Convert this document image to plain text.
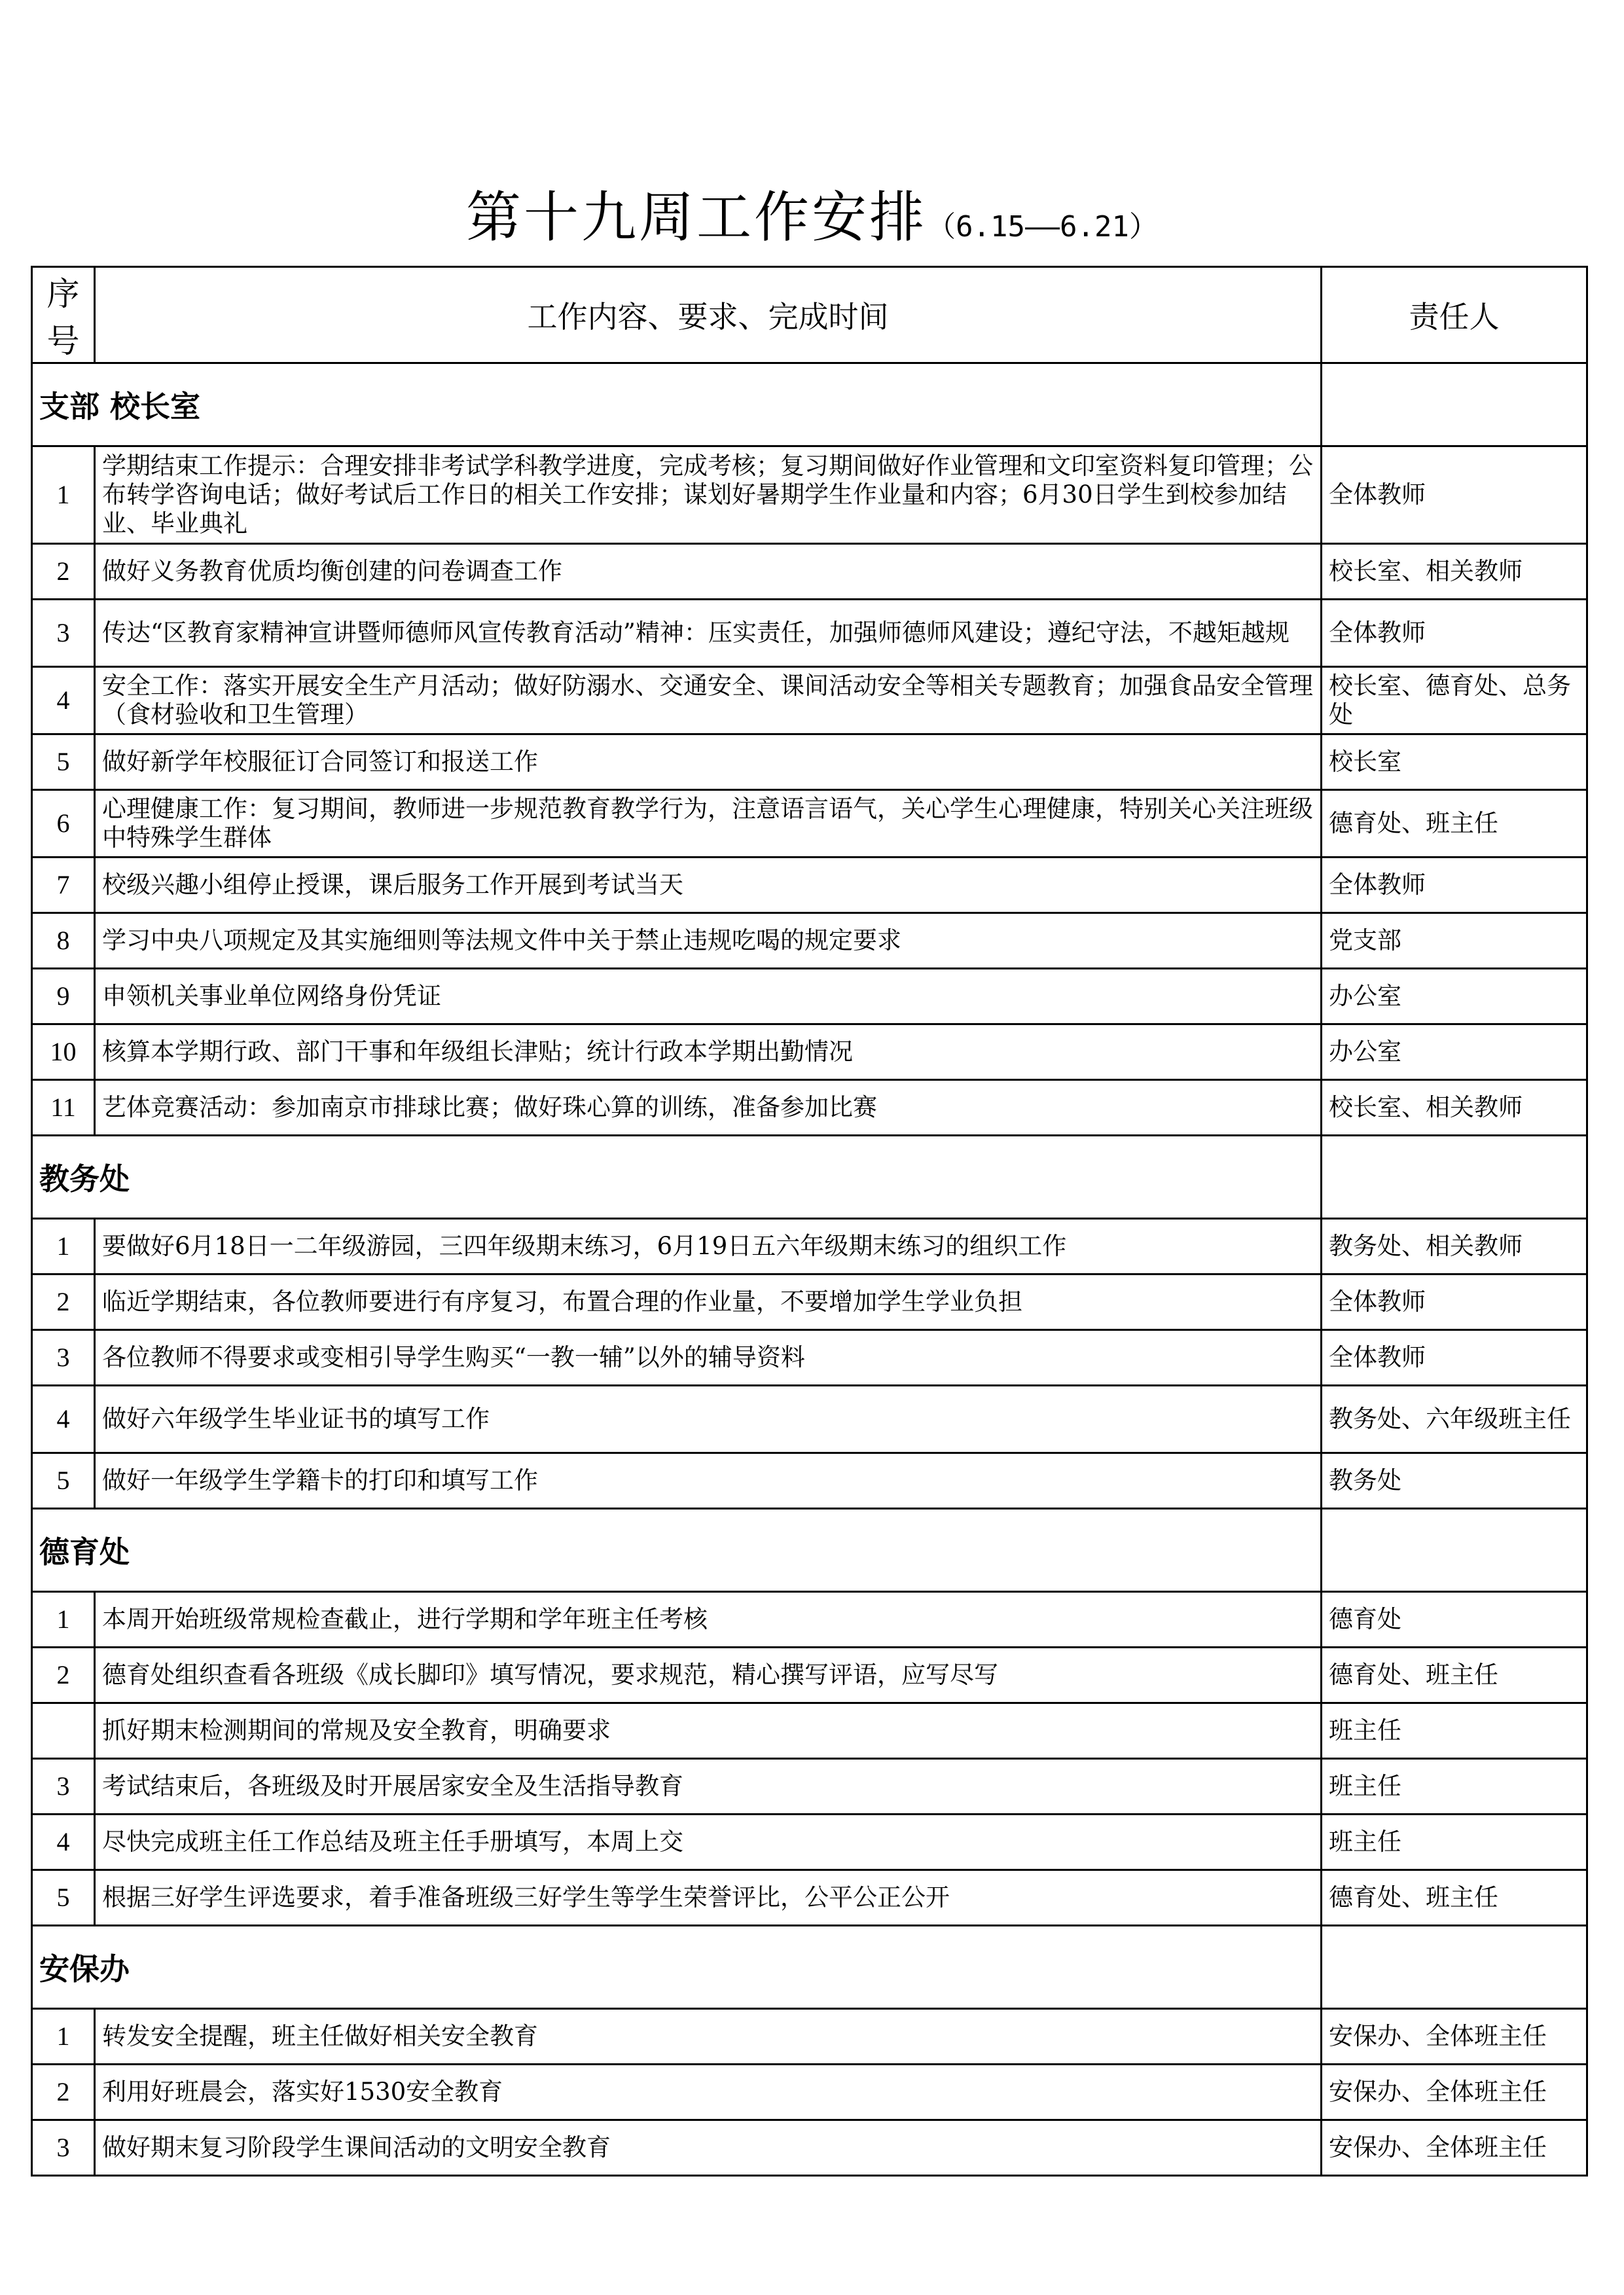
第十九周工作安排（6.15——6.21）
序号	工作内容、要求、完成时间	责任人
支部 校长室		
1	学期结束工作提示：合理安排非考试学科教学进度，完成考核；复习期间做好作业管理和文印室资料复印管理；公布转学咨询电话；做好考试后工作日的相关工作安排；谋划好暑期学生作业量和内容；6月30日学生到校参加结业、毕业典礼	全体教师
2	做好义务教育优质均衡创建的问卷调查工作	校长室、相关教师
3	传达“区教育家精神宣讲暨师德师风宣传教育活动”精神：压实责任，加强师德师风建设；遵纪守法，不越矩越规	全体教师
4	安全工作：落实开展安全生产月活动；做好防溺水、交通安全、课间活动安全等相关专题教育；加强食品安全管理（食材验收和卫生管理）	校长室、德育处、总务处
5	做好新学年校服征订合同签订和报送工作	校长室
6	心理健康工作：复习期间，教师进一步规范教育教学行为，注意语言语气，关心学生心理健康，特别关心关注班级中特殊学生群体	德育处、班主任
7	校级兴趣小组停止授课，课后服务工作开展到考试当天	全体教师
8	学习中央八项规定及其实施细则等法规文件中关于禁止违规吃喝的规定要求	党支部
9	申领机关事业单位网络身份凭证	办公室
10	核算本学期行政、部门干事和年级组长津贴；统计行政本学期出勤情况	办公室
11	艺体竞赛活动：参加南京市排球比赛；做好珠心算的训练，准备参加比赛	校长室、相关教师
教务处		
1	要做好6月18日一二年级游园，三四年级期末练习，6月19日五六年级期末练习的组织工作	教务处、相关教师
2	临近学期结束，各位教师要进行有序复习，布置合理的作业量，不要增加学生学业负担	全体教师
3	各位教师不得要求或变相引导学生购买“一教一辅”以外的辅导资料	全体教师
4	做好六年级学生毕业证书的填写工作	教务处、六年级班主任
5	做好一年级学生学籍卡的打印和填写工作	教务处
德育处		
1	本周开始班级常规检查截止，进行学期和学年班主任考核	德育处
2	德育处组织查看各班级《成长脚印》填写情况，要求规范，精心撰写评语，应写尽写	德育处、班主任
	抓好期末检测期间的常规及安全教育，明确要求	班主任
3	考试结束后，各班级及时开展居家安全及生活指导教育	班主任
4	尽快完成班主任工作总结及班主任手册填写，本周上交	班主任
5	根据三好学生评选要求，着手准备班级三好学生等学生荣誉评比，公平公正公开	德育处、班主任
安保办		
1	转发安全提醒，班主任做好相关安全教育	安保办、全体班主任
2	利用好班晨会，落实好1530安全教育	安保办、全体班主任
3	做好期末复习阶段学生课间活动的文明安全教育	安保办、全体班主任
